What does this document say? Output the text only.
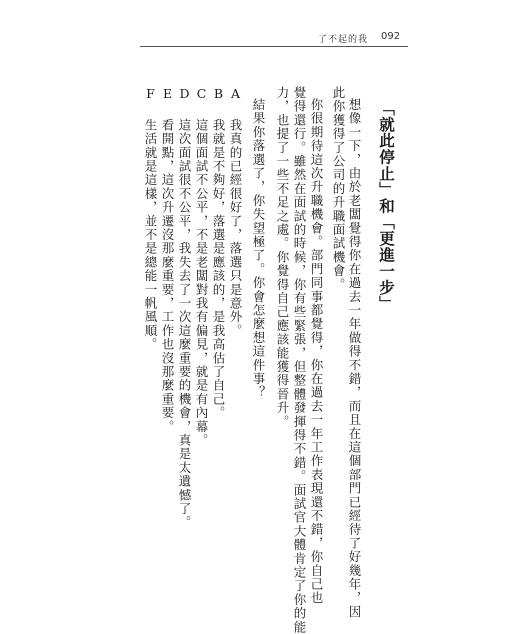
了不起的我 092
「就此停止」和「更進一步」
想像一下，由於老闆覺得你在過去一年做得不錯，而且在這個部門已經待了好幾年，因
此你獲得了公司的升職面試機會。
你很期待這次升職機會。部門同事都覺得，你在過去一年工作表現還不錯，你自己也
覺得還行。雖然在面試的時候，你有些緊張，但整體發揮得不錯。面試官大體肯定了你的能
力，也提了一些不足之處。你覺得自己應該能獲得晉升。
結果你落選了，你失望極了。你會怎麼想這件事？
A 我真的已經很好了，落選只是意外。
B 我就是不夠好，落選是應該的，是我高估了自己。
C 這個面試不公平，不是老闆對我有偏見，就是有內幕。
D 這次面試很不公平，我失去了一次這麼重要的機會，真是太遺憾了。
E 看開點，這次升遷沒那麼重要，工作也沒那麼重要。
F 生活就是這樣，並不是總能一帆風順。
